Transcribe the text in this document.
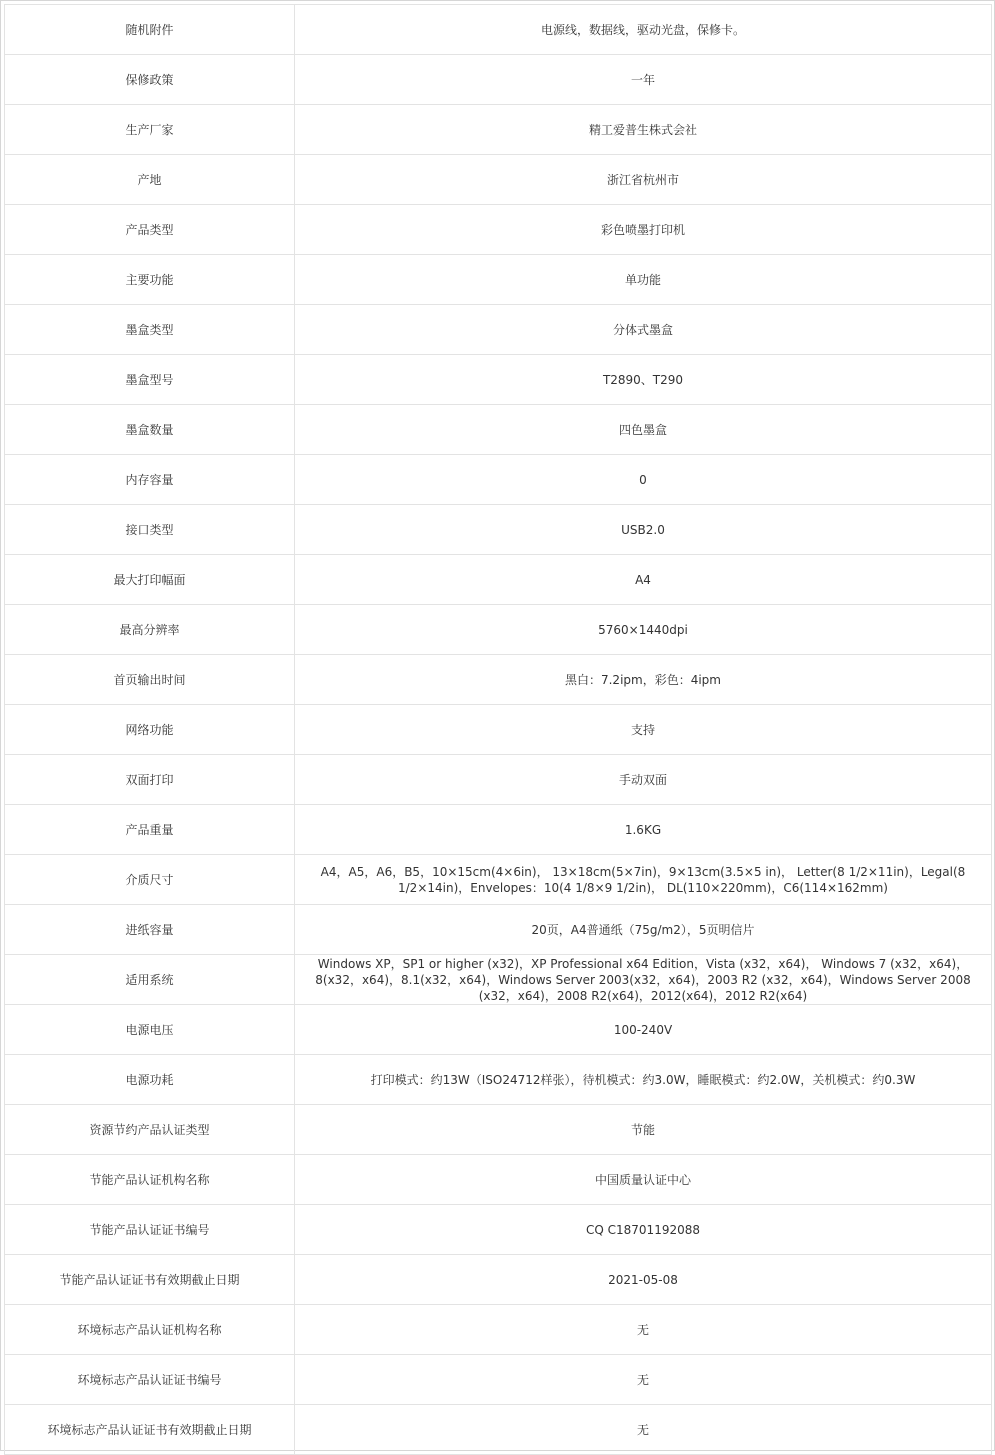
随机附件	电源线，数据线，驱动光盘，保修卡。
保修政策	一年
生产厂家	精工爱普生株式会社
产地	浙江省杭州市
产品类型	彩色喷墨打印机
主要功能	单功能
墨盒类型	分体式墨盒
墨盒型号	T2890、T290
墨盒数量	四色墨盒
内存容量	0
接口类型	USB2.0
最大打印幅面	A4
最高分辨率	5760×1440dpi
首页输出时间	黑白：7.2ipm，彩色：4ipm
网络功能	支持
双面打印	手动双面
产品重量	1.6KG
介质尺寸	A4，A5，A6，B5，10×15cm(4×6in)， 13×18cm(5×7in)，9×13cm(3.5×5 in)， Letter(8 1/2×11in)，Legal(8 1/2×14in)，Envelopes：10(4 1/8×9 1/2in)， DL(110×220mm)，C6(114×162mm)
进纸容量	20页，A4普通纸（75g/m2），5页明信片
适用系统	Windows XP，SP1 or higher (x32)，XP Professional x64 Edition，Vista (x32，x64)， Windows 7 (x32，x64)，8(x32，x64)，8.1(x32，x64)，Windows Server 2003(x32，x64)，2003 R2 (x32，x64)，Windows Server 2008 (x32，x64)，2008 R2(x64)，2012(x64)，2012 R2(x64)
电源电压	100-240V
电源功耗	打印模式：约13W（ISO24712样张），待机模式：约3.0W，睡眠模式：约2.0W，关机模式：约0.3W
资源节约产品认证类型	节能
节能产品认证机构名称	中国质量认证中心
节能产品认证证书编号	CQ C18701192088
节能产品认证证书有效期截止日期	2021-05-08
环境标志产品认证机构名称	无
环境标志产品认证证书编号	无
环境标志产品认证证书有效期截止日期	无
